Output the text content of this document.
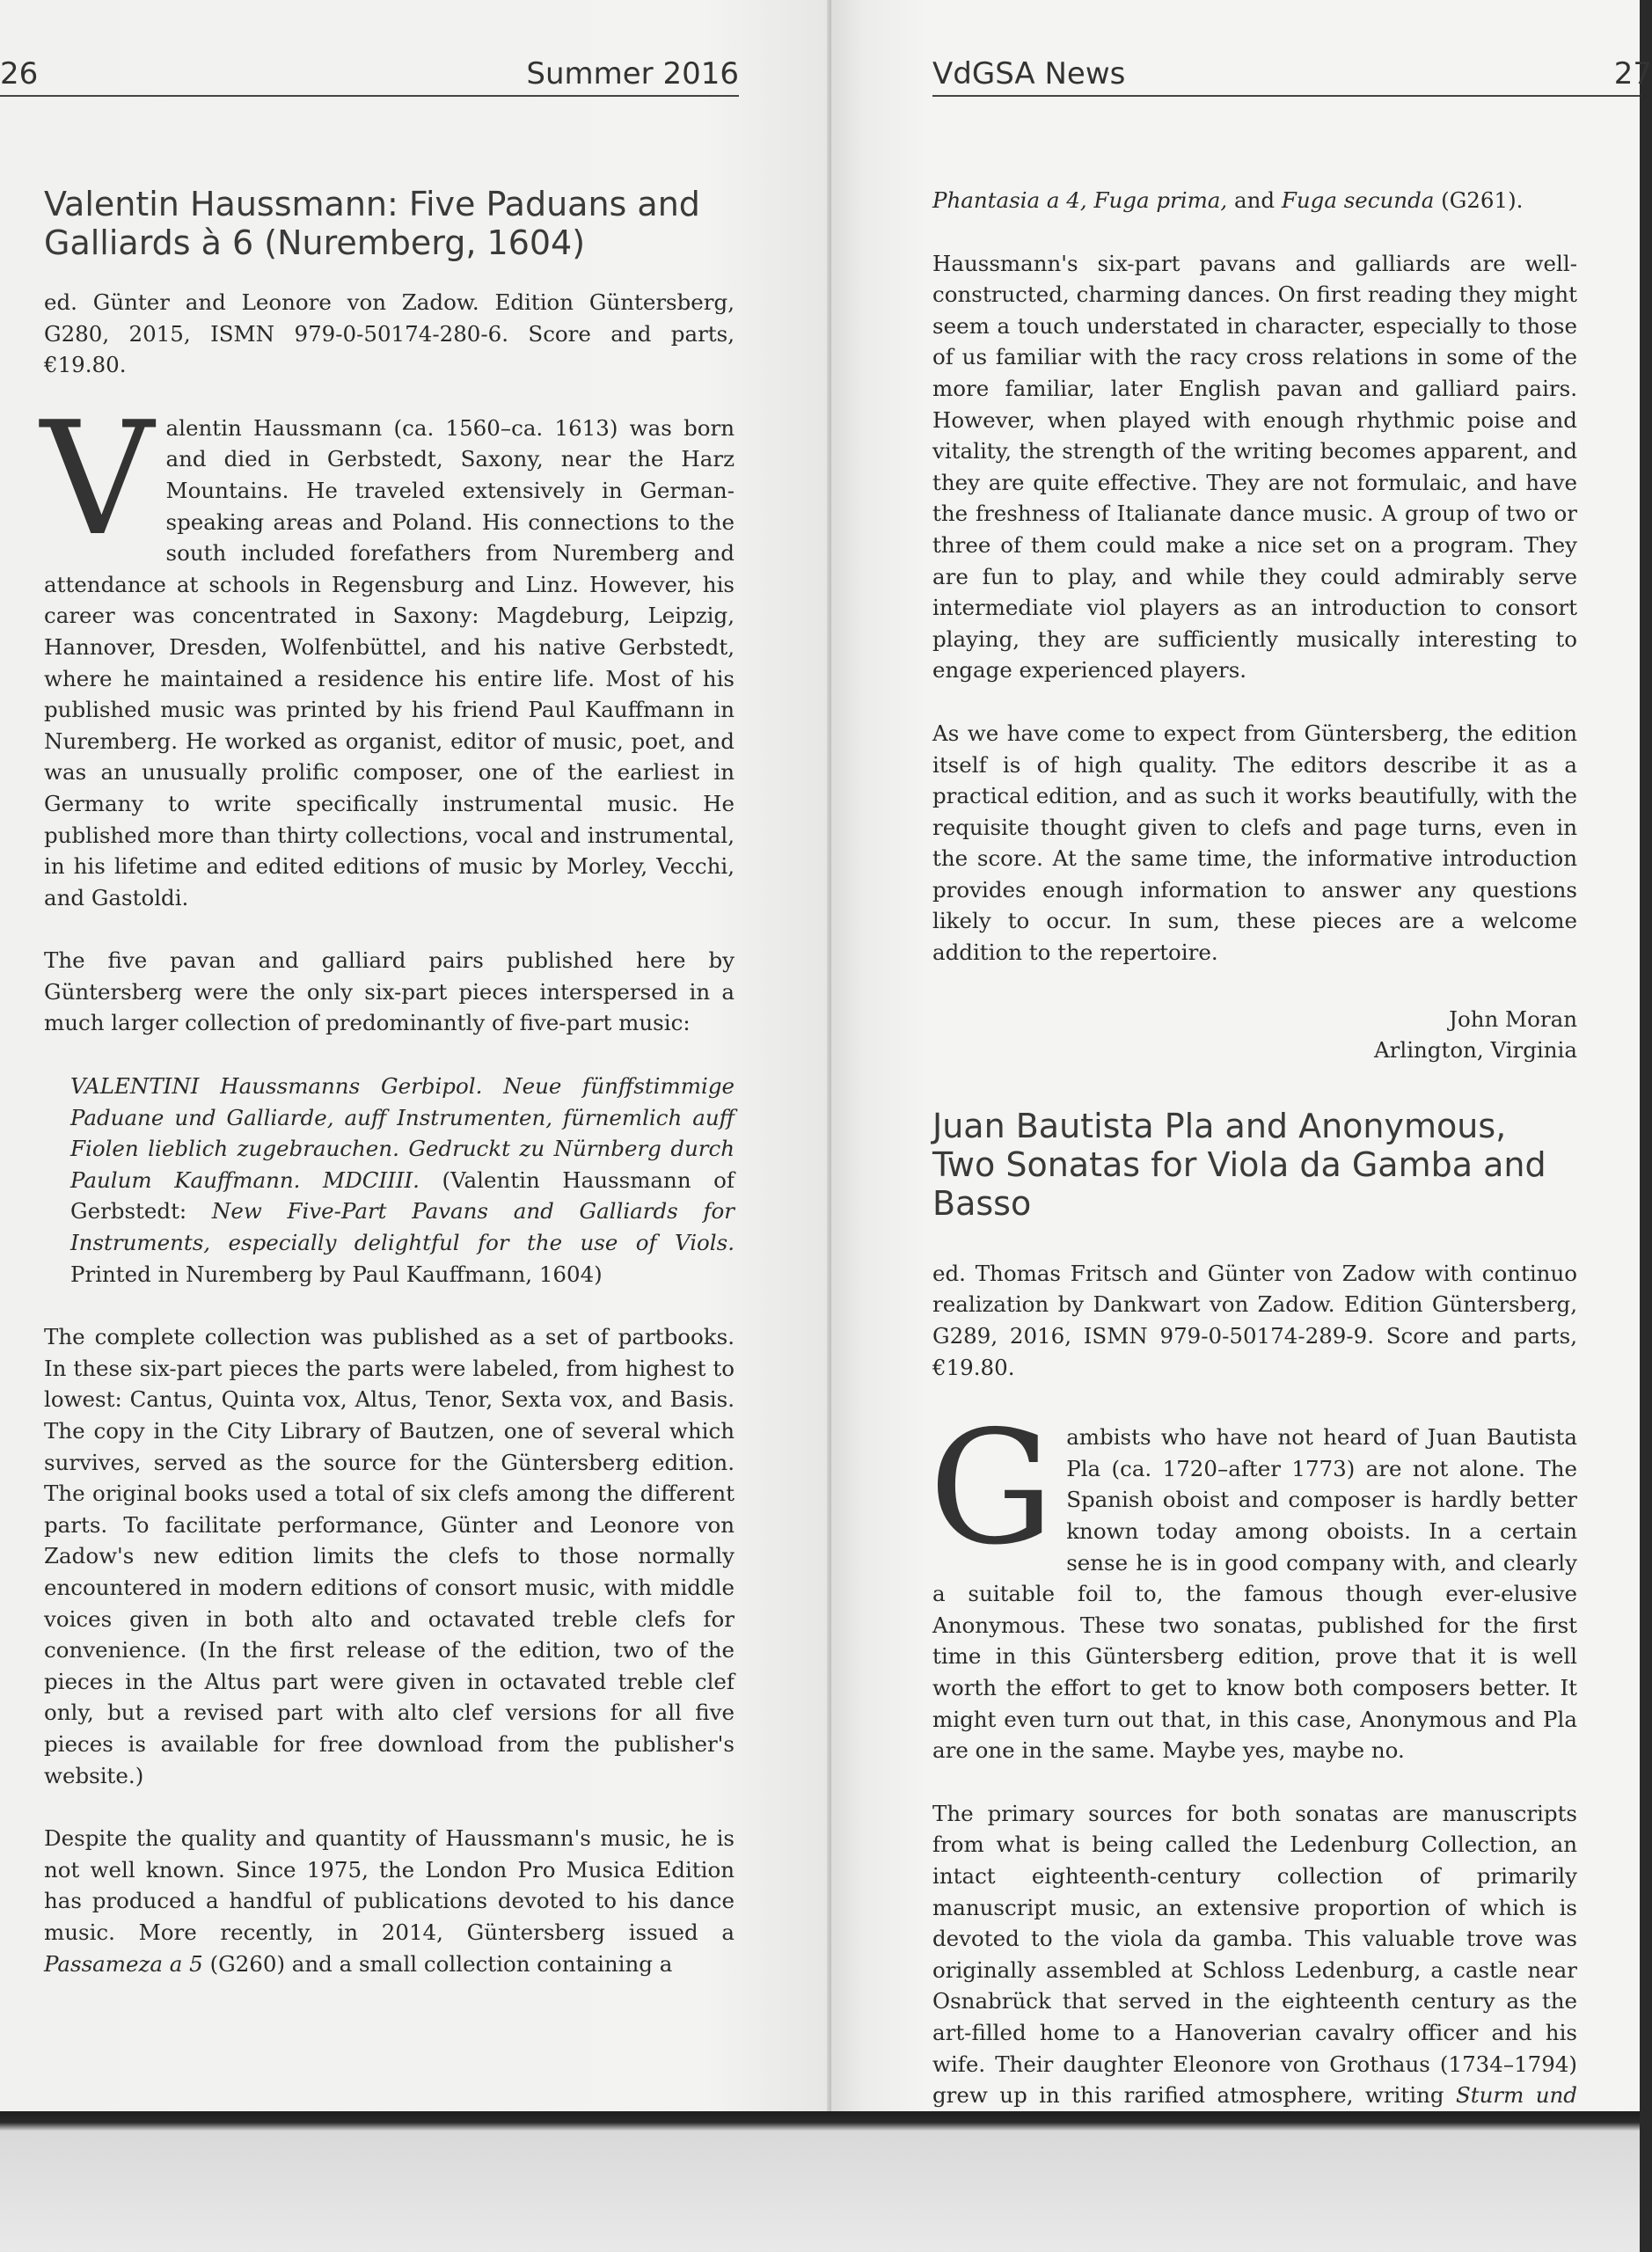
26	Summer 2016
Valentin Haussmann: Five Paduans and Galliards à 6 (Nuremberg, 1604)

ed. Günter and Leonore von Zadow. Edition Güntersberg, G280, 2015, ISMN 979-0-50174-280-6. Score and parts, €19.80.

Valentin Haussmann (ca. 1560–ca. 1613) was born and died in Gerbstedt, Saxony, near the Harz Mountains. He traveled extensively in German-speaking areas and Poland. His connections to the south included forefathers from Nuremberg and attendance at schools in Regensburg and Linz. However, his career was concentrated in Saxony: Magdeburg, Leipzig, Hannover, Dresden, Wolfenbüttel, and his native Gerbstedt, where he maintained a residence his entire life. Most of his published music was printed by his friend Paul Kauffmann in Nuremberg. He worked as organist, editor of music, poet, and was an unusually prolific composer, one of the earliest in Germany to write specifically instrumental music. He published more than thirty collections, vocal and instrumental, in his lifetime and edited editions of music by Morley, Vecchi, and Gastoldi.

The five pavan and galliard pairs published here by Güntersberg were the only six-part pieces interspersed in a much larger collection of predominantly of five-part music:

VALENTINI Haussmanns Gerbipol. Neue fünffstimmige Paduane und Galliarde, auff Instrumenten, fürnemlich auff Fiolen lieblich zugebrauchen. Gedruckt zu Nürnberg durch Paulum Kauffmann. MDCIIII. (Valentin Haussmann of Gerbstedt: New Five-Part Pavans and Galliards for Instruments, especially delightful for the use of Viols. Printed in Nuremberg by Paul Kauffmann, 1604)

The complete collection was published as a set of partbooks. In these six-part pieces the parts were labeled, from highest to lowest: Cantus, Quinta vox, Altus, Tenor, Sexta vox, and Basis. The copy in the City Library of Bautzen, one of several which survives, served as the source for the Güntersberg edition. The original books used a total of six clefs among the different parts. To facilitate performance, Günter and Leonore von Zadow's new edition limits the clefs to those normally encountered in modern editions of consort music, with middle voices given in both alto and octavated treble clefs for convenience. (In the first release of the edition, two of the pieces in the Altus part were given in octavated treble clef only, but a revised part with alto clef versions for all five pieces is available for free download from the publisher's website.)

Despite the quality and quantity of Haussmann's music, he is not well known. Since 1975, the London Pro Musica Edition has produced a handful of publications devoted to his dance music. More recently, in 2014, Güntersberg issued a Passameza a 5 (G260) and a small collection containing a

VdGSA News	27

Phantasia a 4, Fuga prima, and Fuga secunda (G261).

Haussmann's six-part pavans and galliards are well-constructed, charming dances. On first reading they might seem a touch understated in character, especially to those of us familiar with the racy cross relations in some of the more familiar, later English pavan and galliard pairs. However, when played with enough rhythmic poise and vitality, the strength of the writing becomes apparent, and they are quite effective. They are not formulaic, and have the freshness of Italianate dance music. A group of two or three of them could make a nice set on a program. They are fun to play, and while they could admirably serve intermediate viol players as an introduction to consort playing, they are sufficiently musically interesting to engage experienced players.

As we have come to expect from Güntersberg, the edition itself is of high quality. The editors describe it as a practical edition, and as such it works beautifully, with the requisite thought given to clefs and page turns, even in the score. At the same time, the informative introduction provides enough information to answer any questions likely to occur. In sum, these pieces are a welcome addition to the repertoire.

John Moran
Arlington, Virginia
Juan Bautista Pla and Anonymous, Two Sonatas for Viola da Gamba and Basso

ed. Thomas Fritsch and Günter von Zadow with continuo realization by Dankwart von Zadow. Edition Güntersberg, G289, 2016, ISMN 979-0-50174-289-9. Score and parts, €19.80.

Gambists who have not heard of Juan Bautista Pla (ca. 1720–after 1773) are not alone. The Spanish oboist and composer is hardly better known today among oboists. In a certain sense he is in good company with, and clearly a suitable foil to, the famous though ever-elusive Anonymous. These two sonatas, published for the first time in this Güntersberg edition, prove that it is well worth the effort to get to know both composers better. It might even turn out that, in this case, Anonymous and Pla are one in the same. Maybe yes, maybe no.

The primary sources for both sonatas are manuscripts from what is being called the Ledenburg Collection, an intact eighteenth-century collection of primarily manuscript music, an extensive proportion of which is devoted to the viola da gamba. This valuable trove was originally assembled at Schloss Ledenburg, a castle near Osnabrück that served in the eighteenth century as the art-filled home to a Hanoverian cavalry officer and his wife. Their daughter Eleonore von Grothaus (1734–1794) grew up in this rarified atmosphere, writing Sturm und
